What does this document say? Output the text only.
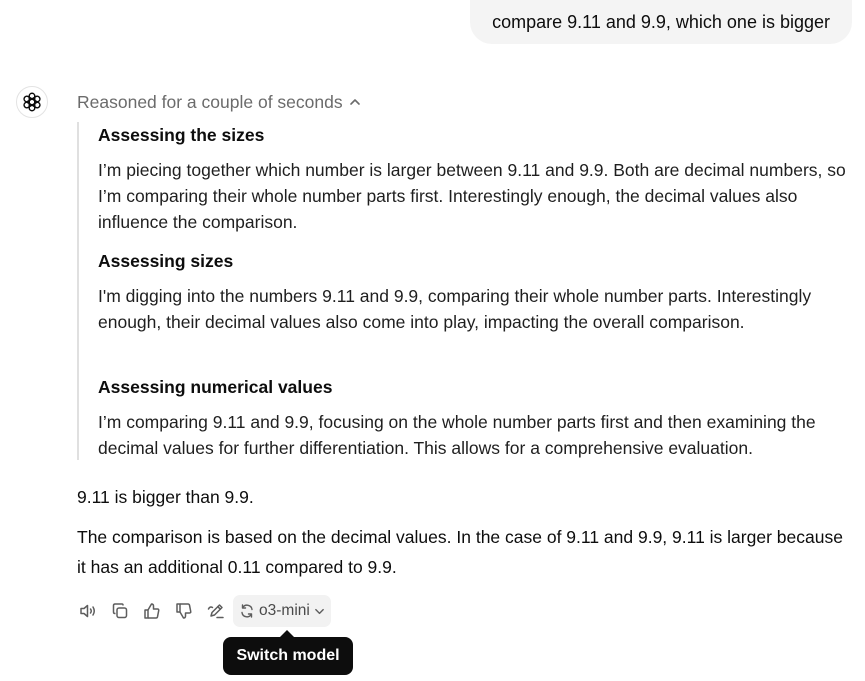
compare 9.11 and 9.9, which one is bigger
Reasoned for a couple of seconds
Assessing the sizes
I’m piecing together which number is larger between 9.11 and 9.9. Both are decimal numbers, so I’m comparing their whole number parts first. Interestingly enough, the decimal values also influence the comparison.
Assessing sizes
I'm digging into the numbers 9.11 and 9.9, comparing their whole number parts. Interestingly enough, their decimal values also come into play, impacting the overall comparison.
Assessing numerical values
I’m comparing 9.11 and 9.9, focusing on the whole number parts first and then examining the decimal values for further differentiation. This allows for a comprehensive evaluation.
9.11 is bigger than 9.9.
The comparison is based on the decimal values. In the case of 9.11 and 9.9, 9.11 is larger because it has an additional 0.11 compared to 9.9.
o3-mini
Switch model
